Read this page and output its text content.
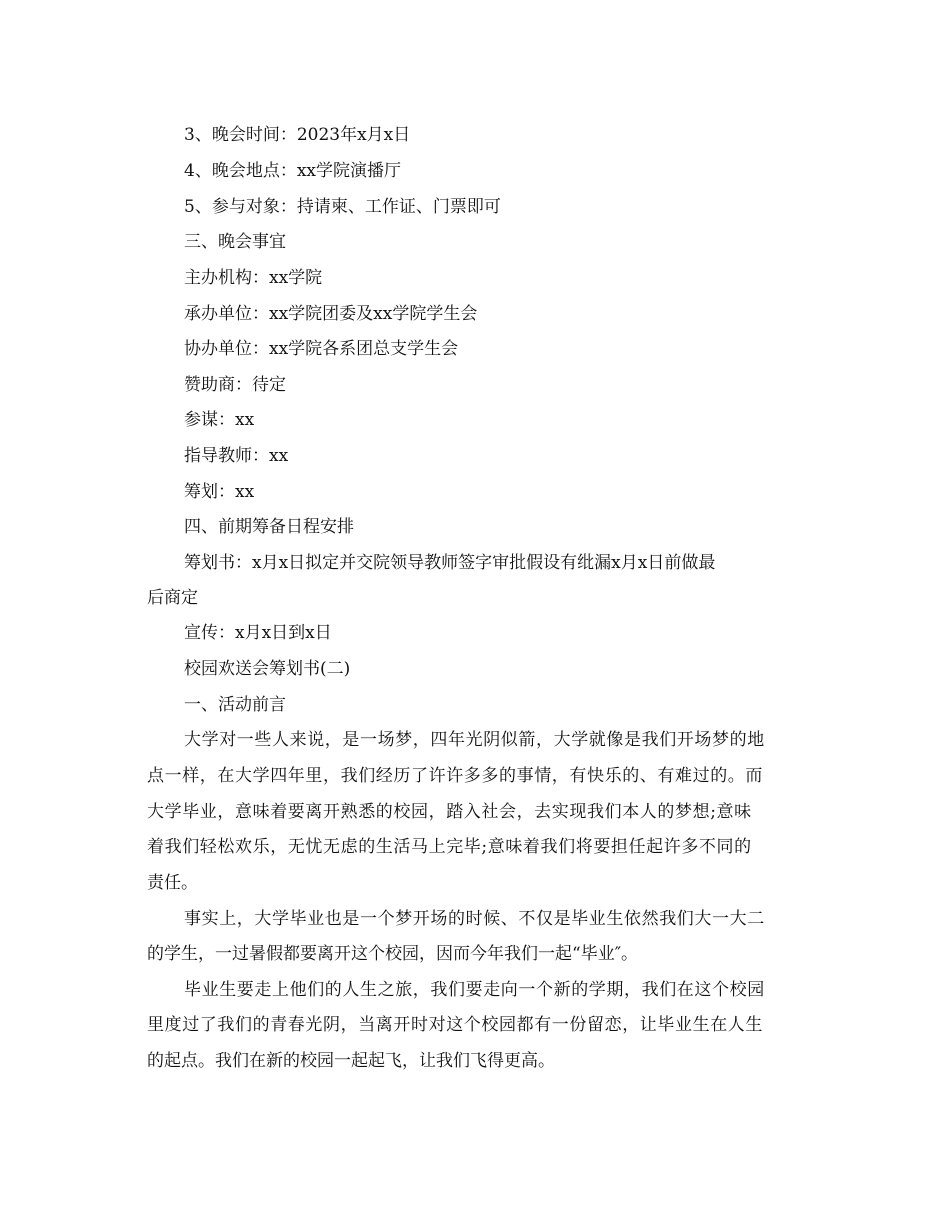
3、晚会时间：2023年x月x日
4、晚会地点：xx学院演播厅
5、参与对象：持请柬、工作证、门票即可
三、晚会事宜
主办机构：xx学院
承办单位：xx学院团委及xx学院学生会
协办单位：xx学院各系团总支学生会
赞助商：待定
参谋：xx
指导教师：xx
筹划：xx
四、前期筹备日程安排
筹划书：x月x日拟定并交院领导教师签字审批假设有纰漏x月x日前做最
后商定
宣传：x月x日到x日
校园欢送会筹划书(二)
一、活动前言
大学对一些人来说，是一场梦，四年光阴似箭，大学就像是我们开场梦的地
点一样，在大学四年里，我们经历了许许多多的事情，有快乐的、有难过的。而
大学毕业，意味着要离开熟悉的校园，踏入社会，去实现我们本人的梦想;意味
着我们轻松欢乐，无忧无虑的生活马上完毕;意味着我们将要担任起许多不同的
责任。
事实上，大学毕业也是一个梦开场的时候、不仅是毕业生依然我们大一大二
的学生，一过暑假都要离开这个校园，因而今年我们一起“毕业″。
毕业生要走上他们的人生之旅，我们要走向一个新的学期，我们在这个校园
里度过了我们的青春光阴，当离开时对这个校园都有一份留恋，让毕业生在人生
的起点。我们在新的校园一起起飞，让我们飞得更高。
